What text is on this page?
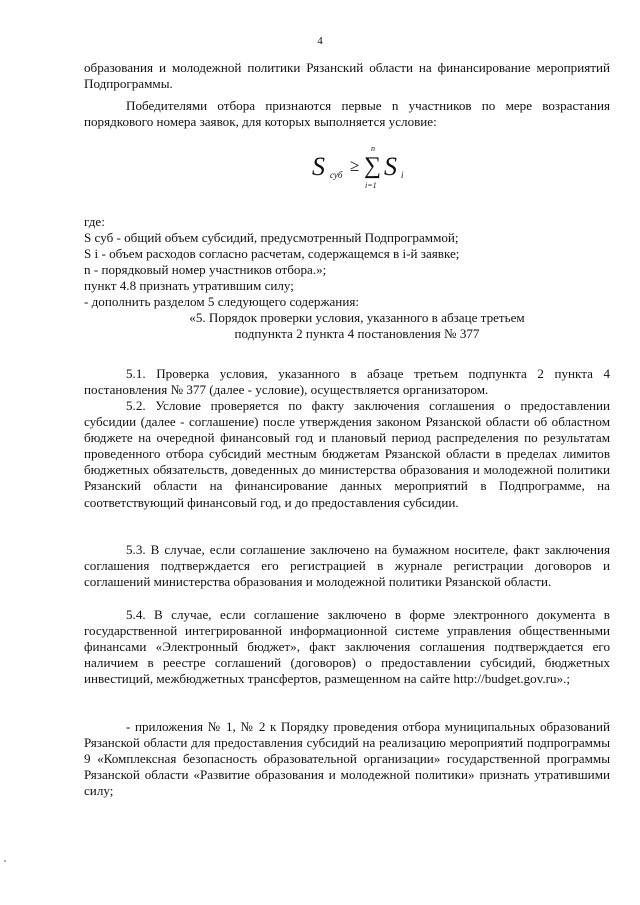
4
образования и молодежной политики Рязанский области на финансирование мероприятий Подпрограммы.
Победителями отбора признаются первые n участников по мере возрастания порядкового номера заявок, для которых выполняется условие:
S суб ≥
n
∑
i=1
S i
где:
S суб - общий объем субсидий, предусмотренный Подпрограммой;
S i - объем расходов согласно расчетам, содержащемся в i-й заявке;
n - порядковый номер участников отбора.»;
пункт 4.8 признать утратившим силу;
- дополнить разделом 5 следующего содержания:
«5. Порядок проверки условия, указанного в абзаце третьем
подпункта 2 пункта 4 постановления № 377
5.1. Проверка условия, указанного в абзаце третьем подпункта 2 пункта 4 постановления № 377 (далее - условие), осуществляется организатором.
5.2. Условие проверяется по факту заключения соглашения о предоставлении субсидии (далее - соглашение) после утверждения законом Рязанской области об областном бюджете на очередной финансовый год и плановый период распределения по результатам проведенного отбора субсидий местным бюджетам Рязанской области в пределах лимитов бюджетных обязательств, доведенных до министерства образования и молодежной политики Рязанский области на финансирование данных мероприятий в Подпрограмме, на соответствующий финансовый год, и до предоставления субсидии.
5.3. В случае, если соглашение заключено на бумажном носителе, факт заключения соглашения подтверждается его регистрацией в журнале регистрации договоров и соглашений министерства образования и молодежной политики Рязанской области.
5.4. В случае, если соглашение заключено в форме электронного документа в государственной интегрированной информационной системе управления общественными финансами «Электронный бюджет», факт заключения соглашения подтверждается его наличием в реестре соглашений (договоров) о предоставлении субсидий, бюджетных инвестиций, межбюджетных трансфертов, размещенном на сайте http://budget.gov.ru».;
- приложения № 1, № 2 к Порядку проведения отбора муниципальных образований Рязанской области для предоставления субсидий на реализацию мероприятий подпрограммы 9 «Комплексная безопасность образовательной организации» государственной программы Рязанской области «Развитие образования и молодежной политики» признать утратившими силу;
